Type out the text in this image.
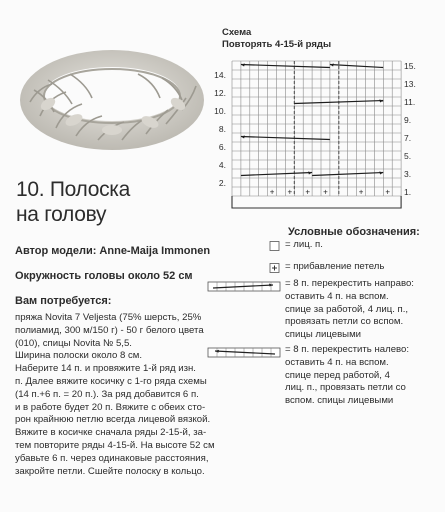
10. Полоска
на голову
Автор модели: Anne-Maija Immonen
Окружность головы около 52 см
Вам потребуется:
пряжа Novita 7 Veljesta (75% шерсть, 25%
полиамид, 300 м/150 г) - 50 г белого цвета
(010), спицы Novita № 5,5.
Ширина полоски около 8 см.
Наберите 14 п. и провяжите 1-й ряд изн.
п. Далее вяжите косичку с 1-го ряда схемы
(14 п.+6 п. = 20 п.). За ряд добавится 6 п.
и в работе будет 20 п. Вяжите с обеих сто-
рон крайнюю петлю всегда лицевой вязкой.
Вяжите в косичке сначала ряды 2-15-й, за-
тем повторите ряды 4-15-й. На высоте 52 см
убавьте 6 п. через одинаковые расстояния,
закройте петли. Сшейте полоску в кольцо.
Схема
Повторять 4-15-й ряды
+ + + +	+	+
14.
12.
10.
8.
6.
4.
2.
15.
13.
11.
9.
7.
5.
3.
1.
Условные обозначения:
= лиц. п.
= прибавление петель
= 8 п. перекрестить направо:
оставить 4 п. на вспом.
спице за работой, 4 лиц. п.,
провязать петли со вспом.
спицы лицевыми
= 8 п. перекрестить налево:
оставить 4 п. на вспом.
спице перед работой, 4
лиц. п., провязать петли со
вспом. спицы лицевыми
